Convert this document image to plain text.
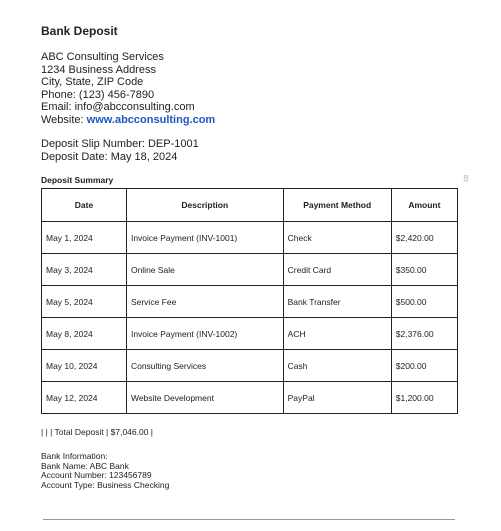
Bank Deposit
ABC Consulting Services
1234 Business Address
City, State, ZIP Code
Phone: (123) 456-7890
Email: info@abcconsulting.com
Website: www.abcconsulting.com
Deposit Slip Number: DEP-1001
Deposit Date: May 18, 2024
Deposit Summary	⠿
Date	Description	Payment Method	Amount
May 1, 2024	Invoice Payment (INV-1001)	Check	$2,420.00
May 3, 2024	Online Sale	Credit Card	$350.00
May 5, 2024	Service Fee	Bank Transfer	$500.00
May 8, 2024	Invoice Payment (INV-1002)	ACH	$2,376.00
May 10, 2024	Consulting Services	Cash	$200.00
May 12, 2024	Website Development	PayPal	$1,200.00
| | | Total Deposit | $7,046.00 |
Bank Information:
Bank Name: ABC Bank
Account Number: 123456789
Account Type: Business Checking
